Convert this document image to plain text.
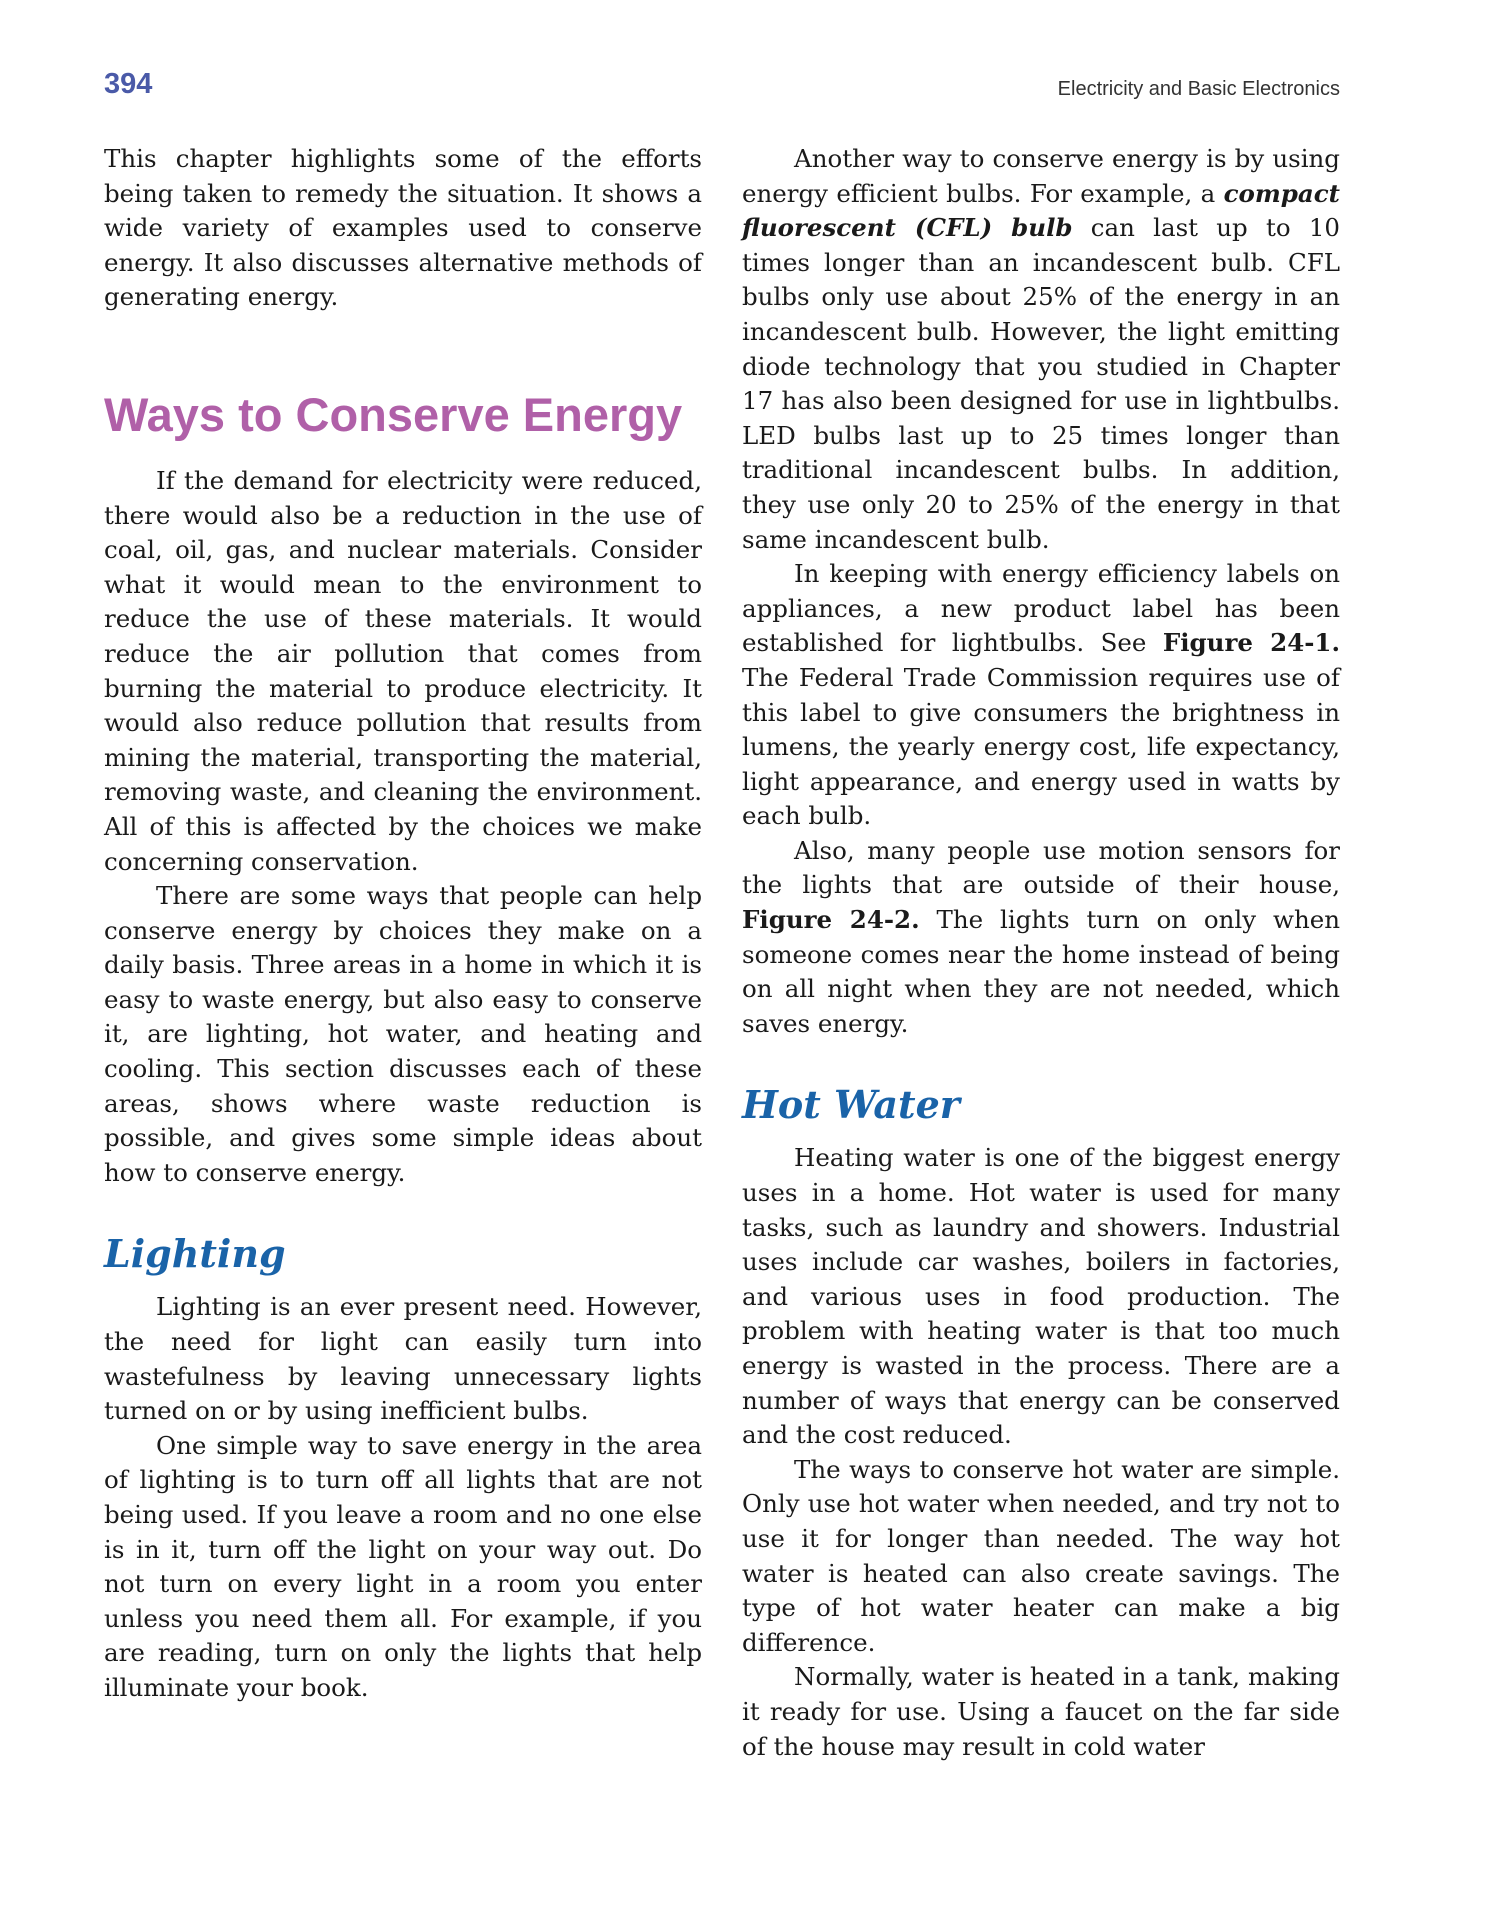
394	Electricity and Basic Electronics

This chapter highlights some of the efforts being taken to remedy the situation. It shows a wide variety of examples used to conserve energy. It also discusses alternative methods of generating energy.

Ways to Conserve Energy

If the demand for electricity were reduced, there would also be a reduction in the use of coal, oil, gas, and nuclear materials. Consider what it would mean to the environment to reduce the use of these materials. It would reduce the air pollution that comes from burning the material to produce electricity. It would also reduce pollution that results from mining the material, transporting the material, removing waste, and cleaning the environment. All of this is affected by the choices we make concerning conservation.

There are some ways that people can help conserve energy by choices they make on a daily basis. Three areas in a home in which it is easy to waste energy, but also easy to conserve it, are lighting, hot water, and heating and cooling. This section discusses each of these areas, shows where waste reduction is possible, and gives some simple ideas about how to conserve energy.

Lighting

Lighting is an ever present need. However, the need for light can easily turn into wastefulness by leaving unnecessary lights turned on or by using inefficient bulbs.

One simple way to save energy in the area of lighting is to turn off all lights that are not being used. If you leave a room and no one else is in it, turn off the light on your way out. Do not turn on every light in a room you enter unless you need them all. For example, if you are reading, turn on only the lights that help illuminate your book.

Another way to conserve energy is by using energy efficient bulbs. For example, a compact fluorescent (CFL) bulb can last up to 10 times longer than an incandescent bulb. CFL bulbs only use about 25% of the energy in an incandescent bulb. However, the light emitting diode technology that you studied in Chapter 17 has also been designed for use in lightbulbs. LED bulbs last up to 25 times longer than traditional incandescent bulbs. In addition, they use only 20 to 25% of the energy in that same incandescent bulb.

In keeping with energy efficiency labels on appliances, a new product label has been established for lightbulbs. See Figure 24-1. The Federal Trade Commission requires use of this label to give consumers the brightness in lumens, the yearly energy cost, life expectancy, light appearance, and energy used in watts by each bulb.

Also, many people use motion sensors for the lights that are outside of their house, Figure 24-2. The lights turn on only when someone comes near the home instead of being on all night when they are not needed, which saves energy.

Hot Water

Heating water is one of the biggest energy uses in a home. Hot water is used for many tasks, such as laundry and showers. Industrial uses include car washes, boilers in factories, and various uses in food production. The problem with heating water is that too much energy is wasted in the process. There are a number of ways that energy can be conserved and the cost reduced.

The ways to conserve hot water are simple. Only use hot water when needed, and try not to use it for longer than needed. The way hot water is heated can also create savings. The type of hot water heater can make a big difference.

Normally, water is heated in a tank, making it ready for use. Using a faucet on the far side of the house may result in cold water
